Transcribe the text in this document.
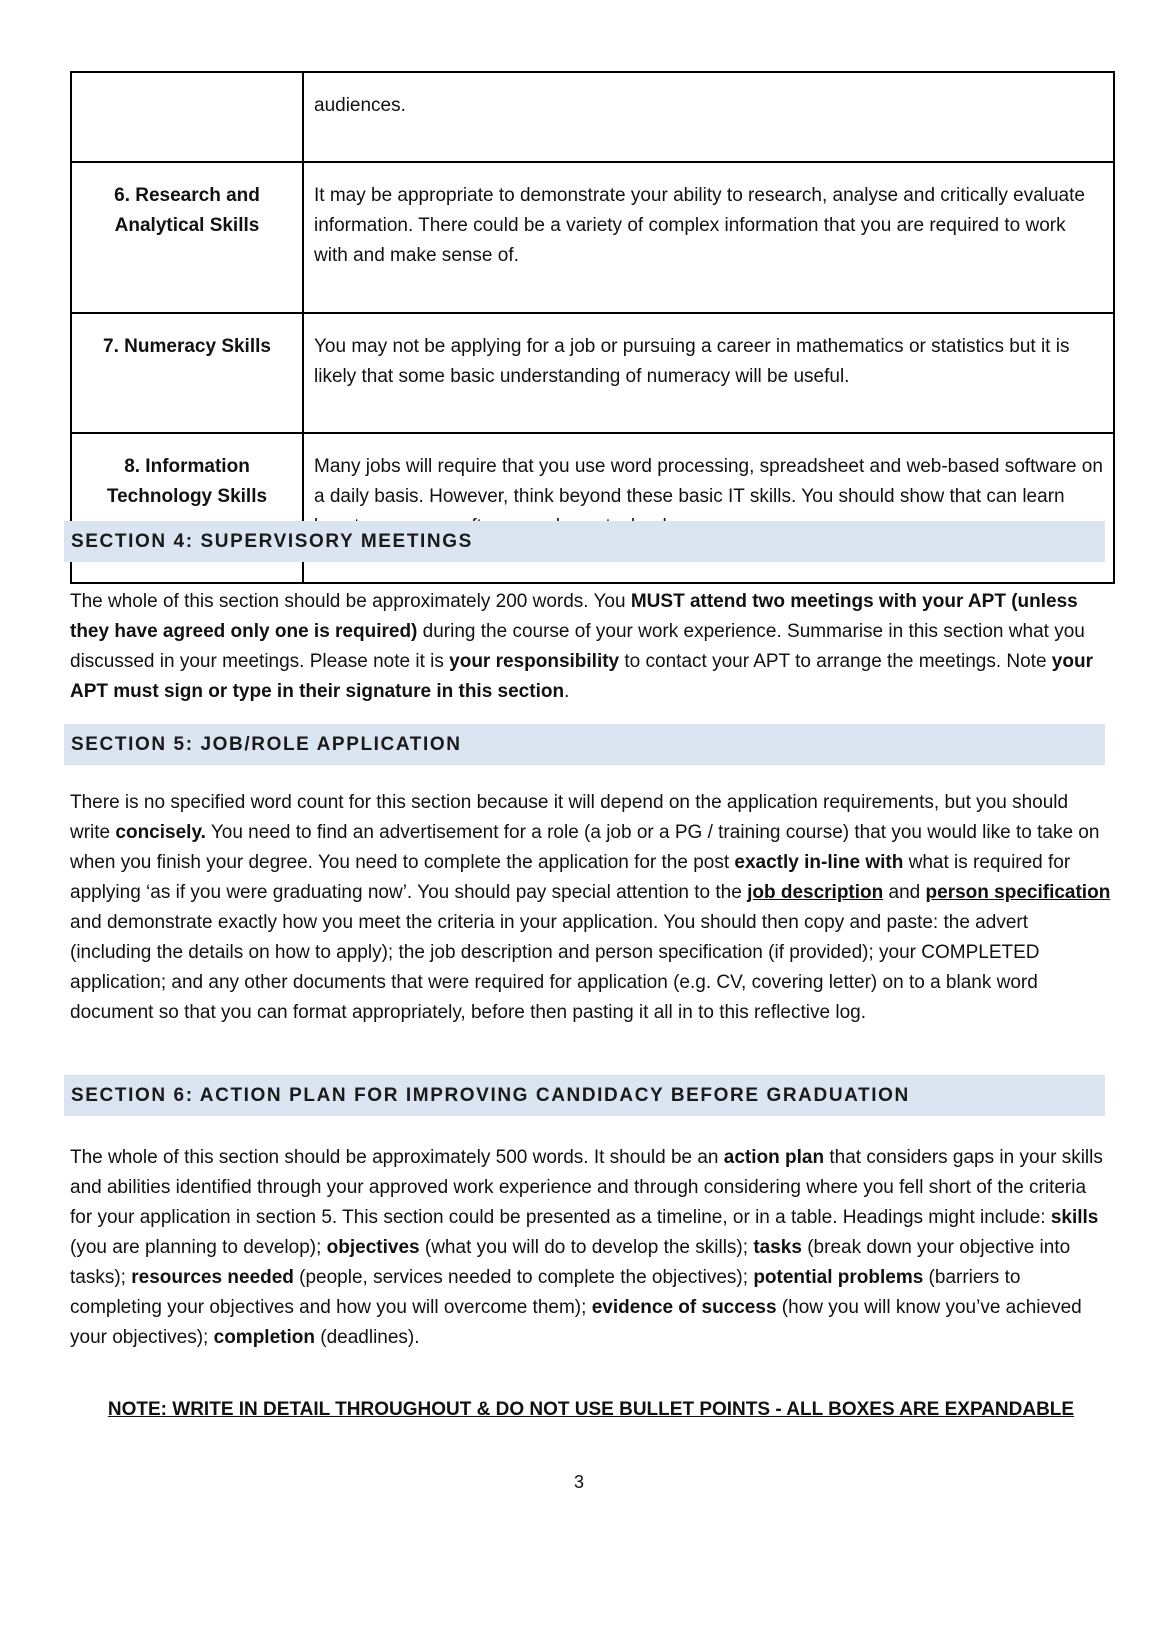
	audiences.
6. Research and Analytical Skills	It may be appropriate to demonstrate your ability to research, analyse and critically evaluate information. There could be a variety of complex information that you are required to work with and make sense of.
7. Numeracy Skills	You may not be applying for a job or pursuing a career in mathematics or statistics but it is likely that some basic understanding of numeracy will be useful.
8. Information Technology Skills	Many jobs will require that you use word processing, spreadsheet and web-based software on a daily basis. However, think beyond these basic IT skills. You should show that can learn
SECTION 4: SUPERVISORY MEETINGS

The whole of this section should be approximately 200 words. You MUST attend two meetings with your APT (unless they have agreed only one is required) during the course of your work experience. Summarise in this section what you discussed in your meetings. Please note it is your responsibility to contact your APT to arrange the meetings. Note your APT must sign or type in their signature in this section.

SECTION 5: JOB/ROLE APPLICATION

There is no specified word count for this section because it will depend on the application requirements, but you should write concisely. You need to find an advertisement for a role (a job or a PG / training course) that you would like to take on when you finish your degree. You need to complete the application for the post exactly in-line with what is required for applying ‘as if you were graduating now’. You should pay special attention to the job description and person specification and demonstrate exactly how you meet the criteria in your application. You should then copy and paste: the advert (including the details on how to apply); the job description and person specification (if provided); your COMPLETED application; and any other documents that were required for application (e.g. CV, covering letter) on to a blank word document so that you can format appropriately, before then pasting it all in to this reflective log.

SECTION 6: ACTION PLAN FOR IMPROVING CANDIDACY BEFORE GRADUATION

The whole of this section should be approximately 500 words. It should be an action plan that considers gaps in your skills and abilities identified through your approved work experience and through considering where you fell short of the criteria for your application in section 5. This section could be presented as a timeline, or in a table. Headings might include: skills (you are planning to develop); objectives (what you will do to develop the skills); tasks (break down your objective into tasks); resources needed (people, services needed to complete the objectives); potential problems (barriers to completing your objectives and how you will overcome them); evidence of success (how you will know you’ve achieved your objectives); completion (deadlines).

NOTE: WRITE IN DETAIL THROUGHOUT & DO NOT USE BULLET POINTS - ALL BOXES ARE EXPANDABLE
3
